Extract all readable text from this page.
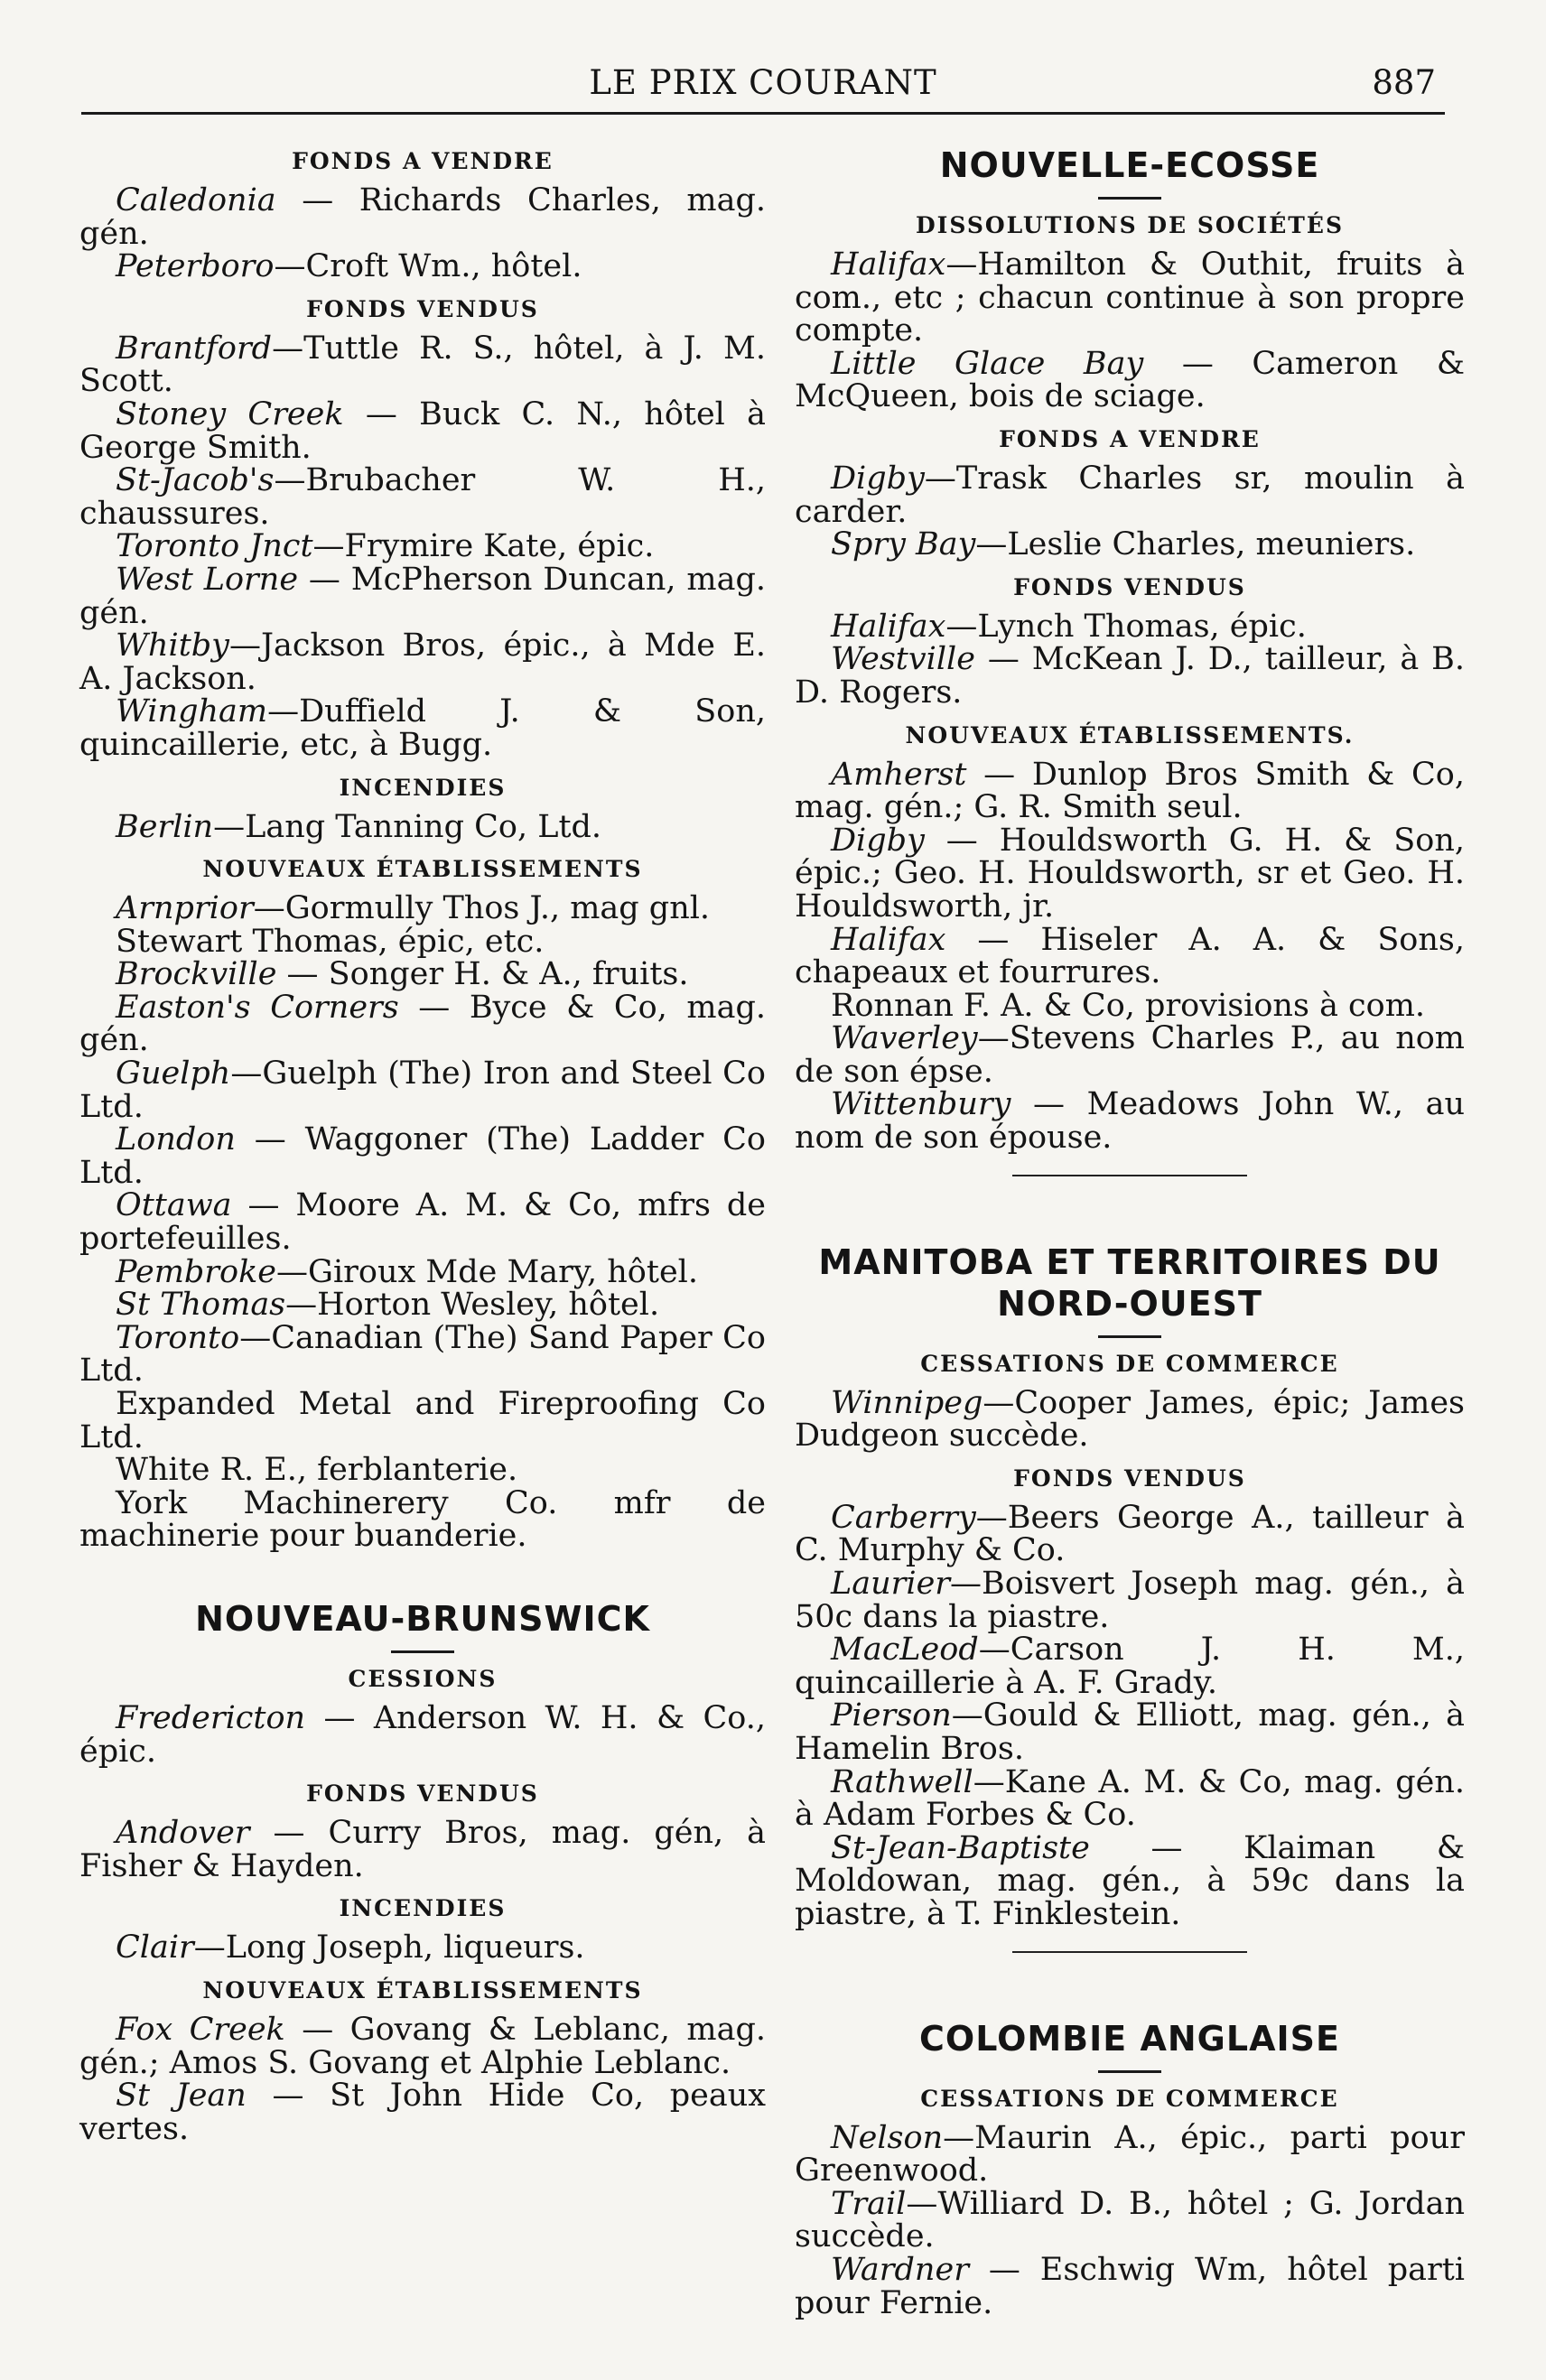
LE PRIX COURANT	887
FONDS A VENDRE

Caledonia — Richards Charles, mag. gén.

Peterboro—Croft Wm., hôtel.

FONDS VENDUS

Brantford—Tuttle R. S., hôtel, à J. M. Scott.

Stoney Creek — Buck C. N., hôtel à George Smith.

St-Jacob's—Brubacher W. H., chaussures.

Toronto Jnct—Frymire Kate, épic.

West Lorne — McPherson Duncan, mag. gén.

Whitby—Jackson Bros, épic., à Mde E. A. Jackson.

Wingham—Duffield J. & Son, quincaillerie, etc, à Bugg.

INCENDIES

Berlin—Lang Tanning Co, Ltd.

NOUVEAUX ÉTABLISSEMENTS

Arnprior—Gormully Thos J., mag gnl.

Stewart Thomas, épic, etc.

Brockville — Songer H. & A., fruits.

Easton's Corners — Byce & Co, mag. gén.

Guelph—Guelph (The) Iron and Steel Co Ltd.

London — Waggoner (The) Ladder Co Ltd.

Ottawa — Moore A. M. & Co, mfrs de portefeuilles.

Pembroke—Giroux Mde Mary, hôtel.

St Thomas—Horton Wesley, hôtel.

Toronto—Canadian (The) Sand Paper Co Ltd.

Expanded Metal and Fireproofing Co Ltd.

White R. E., ferblanterie.

York Machinerery Co. mfr de machinerie pour buanderie.

NOUVEAU-BRUNSWICK
CESSIONS

Fredericton — Anderson W. H. & Co., épic.

FONDS VENDUS

Andover — Curry Bros, mag. gén, à Fisher & Hayden.

INCENDIES

Clair—Long Joseph, liqueurs.

NOUVEAUX ÉTABLISSEMENTS

Fox Creek — Govang & Leblanc, mag. gén.; Amos S. Govang et Alphie Leblanc.

St Jean — St John Hide Co, peaux vertes.

NOUVELLE-ECOSSE
DISSOLUTIONS DE SOCIÉTÉS

Halifax—Hamilton & Outhit, fruits à com., etc ; chacun continue à son propre compte.

Little Glace Bay — Cameron & McQueen, bois de sciage.

FONDS A VENDRE

Digby—Trask Charles sr, moulin à carder.

Spry Bay—Leslie Charles, meuniers.

FONDS VENDUS

Halifax—Lynch Thomas, épic.

Westville — McKean J. D., tailleur, à B. D. Rogers.

NOUVEAUX ÉTABLISSEMENTS.

Amherst — Dunlop Bros Smith & Co, mag. gén.; G. R. Smith seul.

Digby — Houldsworth G. H. & Son, épic.; Geo. H. Houldsworth, sr et Geo. H. Houldsworth, jr.

Halifax — Hiseler A. A. & Sons, chapeaux et fourrures.

Ronnan F. A. & Co, provisions à com.

Waverley—Stevens Charles P., au nom de son épse.

Wittenbury — Meadows John W., au nom de son épouse.

MANITOBA ET TERRITOIRES DU NORD-OUEST
CESSATIONS DE COMMERCE

Winnipeg—Cooper James, épic; James Dudgeon succède.

FONDS VENDUS

Carberry—Beers George A., tailleur à C. Murphy & Co.

Laurier—Boisvert Joseph mag. gén., à 50c dans la piastre.

MacLeod—Carson J. H. M., quincaillerie à A. F. Grady.

Pierson—Gould & Elliott, mag. gén., à Hamelin Bros.

Rathwell—Kane A. M. & Co, mag. gén. à Adam Forbes & Co.

St-Jean-Baptiste — Klaiman & Moldowan, mag. gén., à 59c dans la piastre, à T. Finklestein.

COLOMBIE ANGLAISE
CESSATIONS DE COMMERCE

Nelson—Maurin A., épic., parti pour Greenwood.

Trail—Williard D. B., hôtel ; G. Jordan succède.

Wardner — Eschwig Wm, hôtel parti pour Fernie.
